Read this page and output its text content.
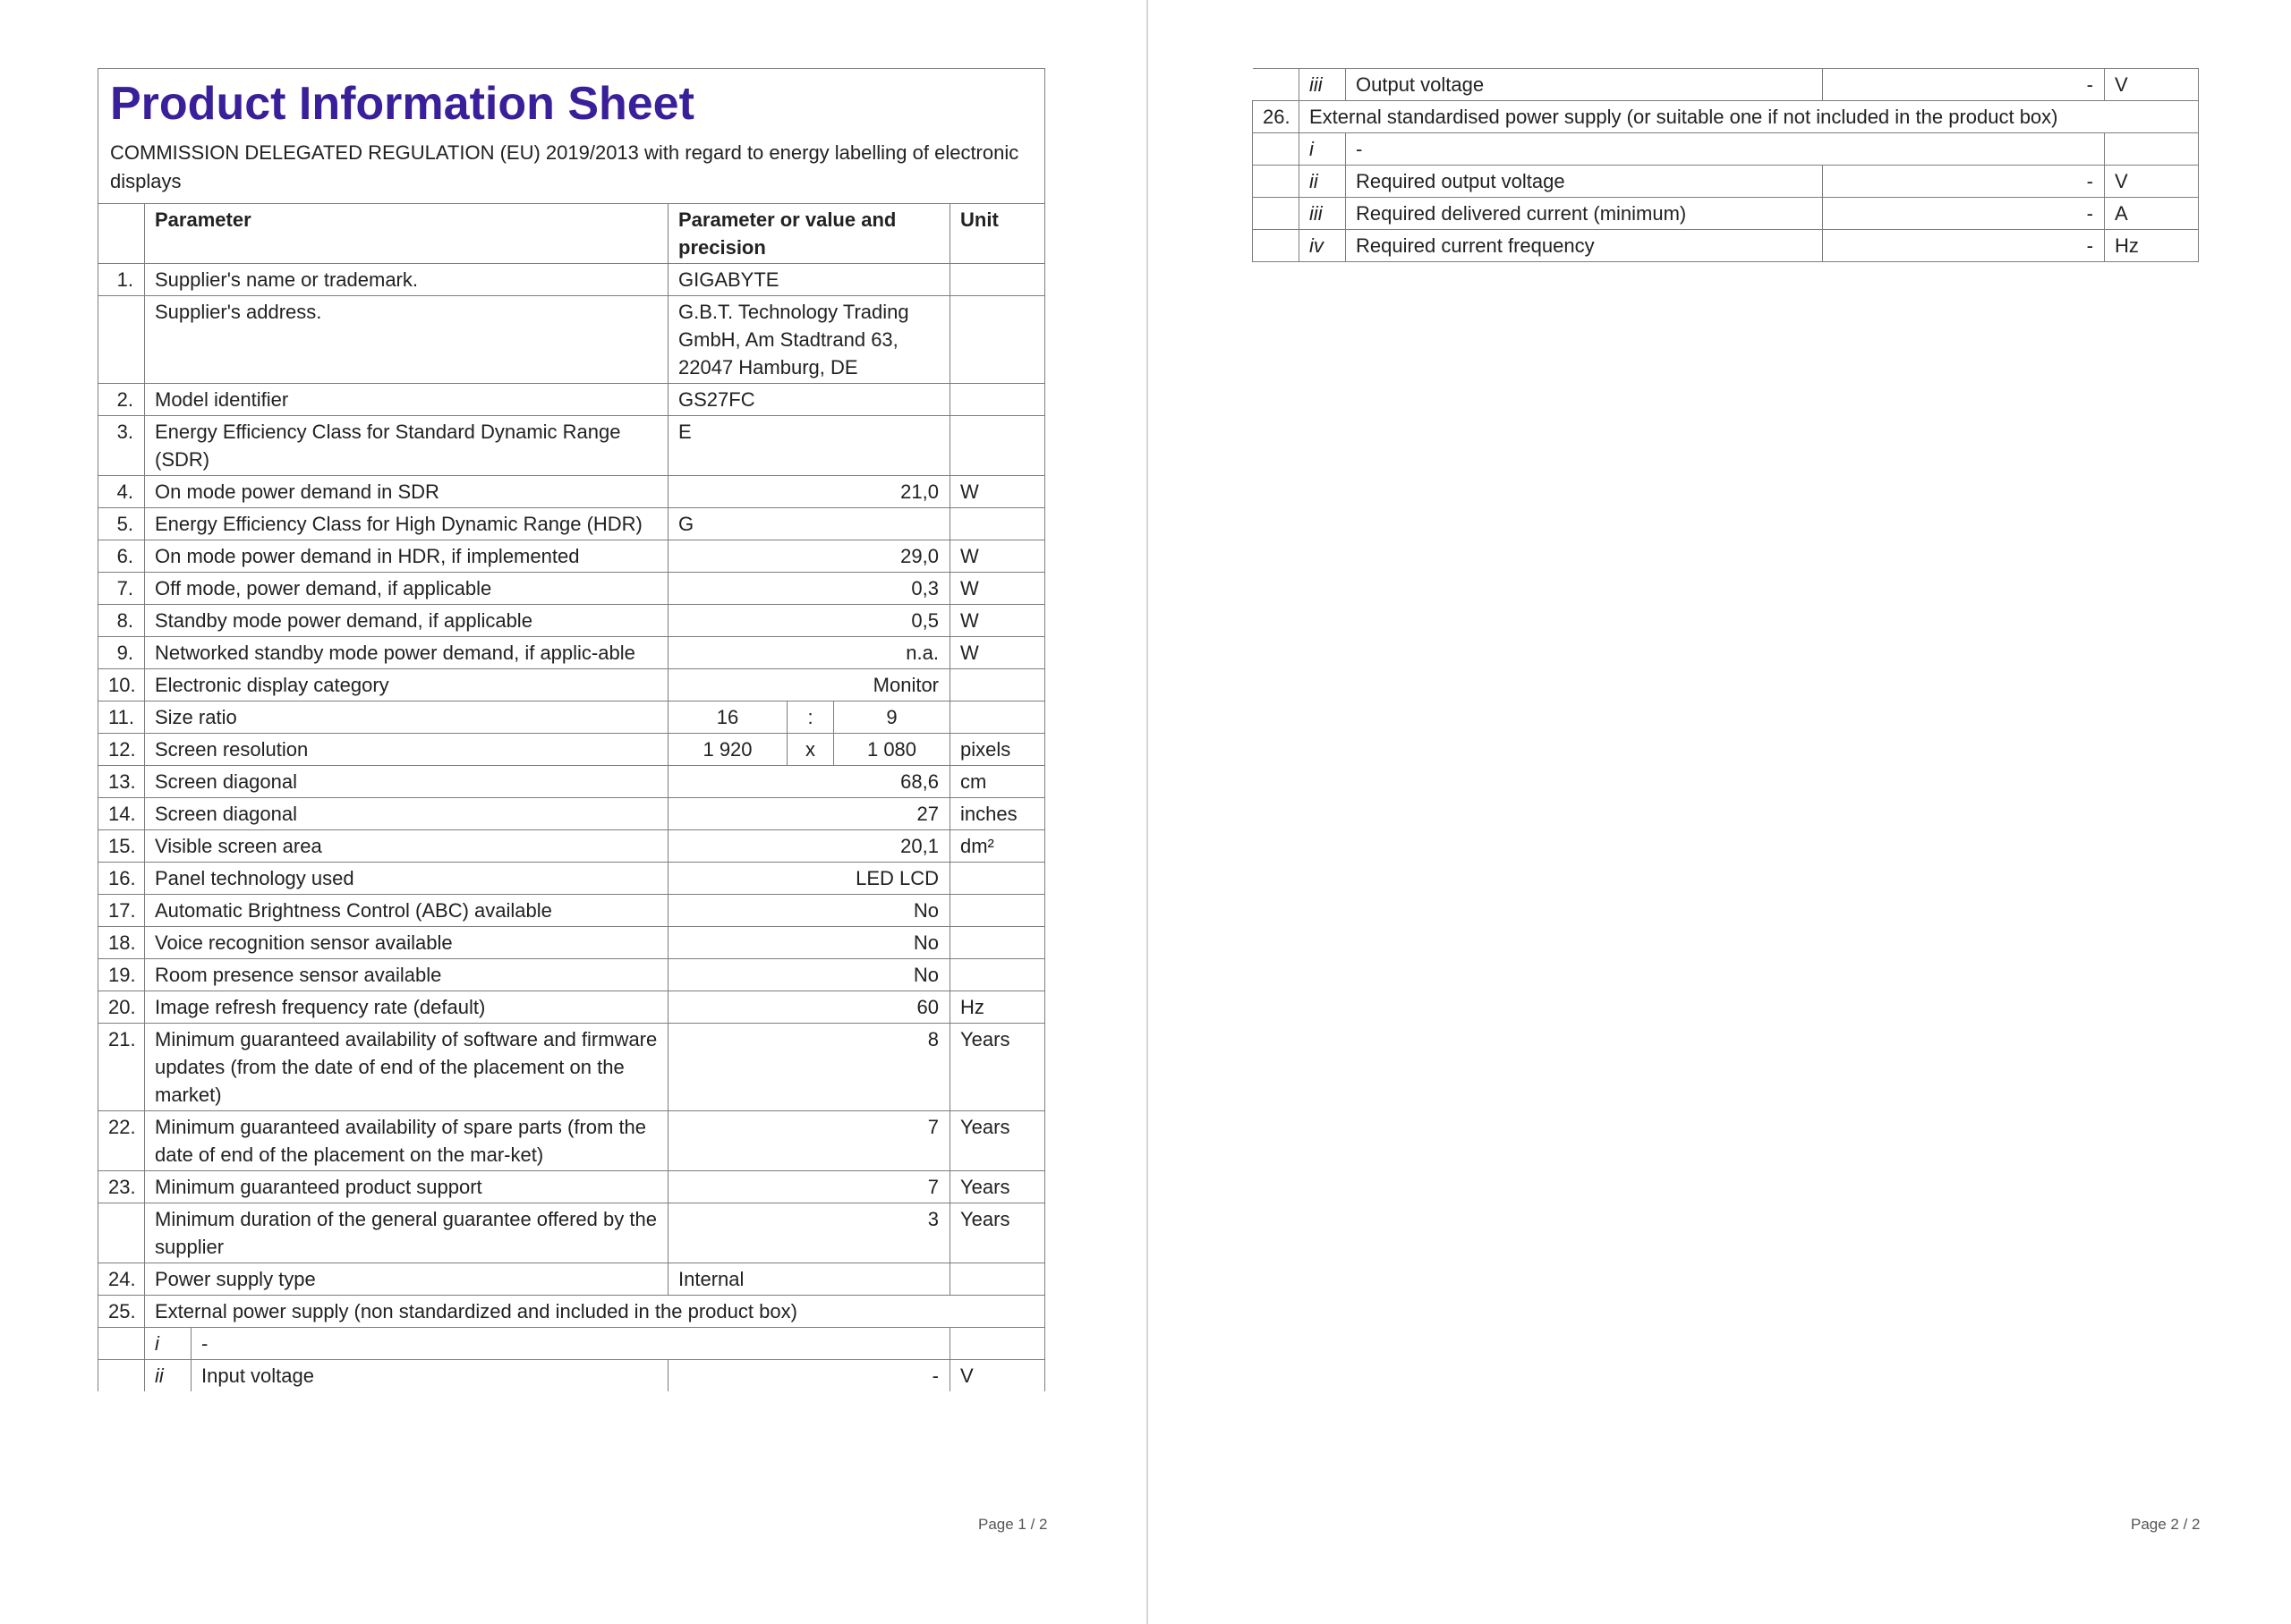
Product Information Sheet
COMMISSION DELEGATED REGULATION (EU) 2019/2013 with regard to energy labelling of electronic displays						

	Parameter		Parameter or value and precision			Unit
1.	Supplier's name or trademark.		GIGABYTE			
	Supplier's address.		G.B.T. Technology Trading GmbH, Am Stadtrand 63, 22047 Hamburg, DE			
2.	Model identifier		GS27FC			
3.	Energy Efficiency Class for Standard Dynamic Range (SDR)		E			
4.	On mode power demand in SDR		21,0			W
5.	Energy Efficiency Class for High Dynamic Range (HDR)		G			
6.	On mode power demand in HDR, if implemented		29,0			W
7.	Off mode, power demand, if applicable		0,3			W
8.	Standby mode power demand, if applicable		0,5			W
9.	Networked standby mode power demand, if applic-able		n.a.			W
10.	Electronic display category		Monitor			
11.	Size ratio		16	:	9	
12.	Screen resolution		1 920	x	1 080	pixels
13.	Screen diagonal		68,6			cm
14.	Screen diagonal		27			inches
15.	Visible screen area		20,1			dm²
16.	Panel technology used		LED LCD			
17.	Automatic Brightness Control (ABC) available		No			
18.	Voice recognition sensor available		No			
19.	Room presence sensor available		No			
20.	Image refresh frequency rate (default)		60			Hz
21.	Minimum guaranteed availability of software and firmware updates (from the date of end of the placement on the market)		8			Years
22.	Minimum guaranteed availability of spare parts (from the date of end of the placement on the mar-ket)		7			Years
23.	Minimum guaranteed product support		7			Years
	Minimum duration of the general guarantee offered by the supplier		3			Years
24.	Power supply type		Internal			
25.	External power supply (non standardized and included in the product box)					
	i	-				
	ii	Input voltage	-			V
Page 1 / 2
	iii	Output voltage	-	V
26.	External standardised power supply (or suitable one if not included in the product box)			
	i	-		
	ii	Required output voltage	-	V
	iii	Required delivered current (minimum)	-	A
	iv	Required current frequency	-	Hz
Page 2 / 2
